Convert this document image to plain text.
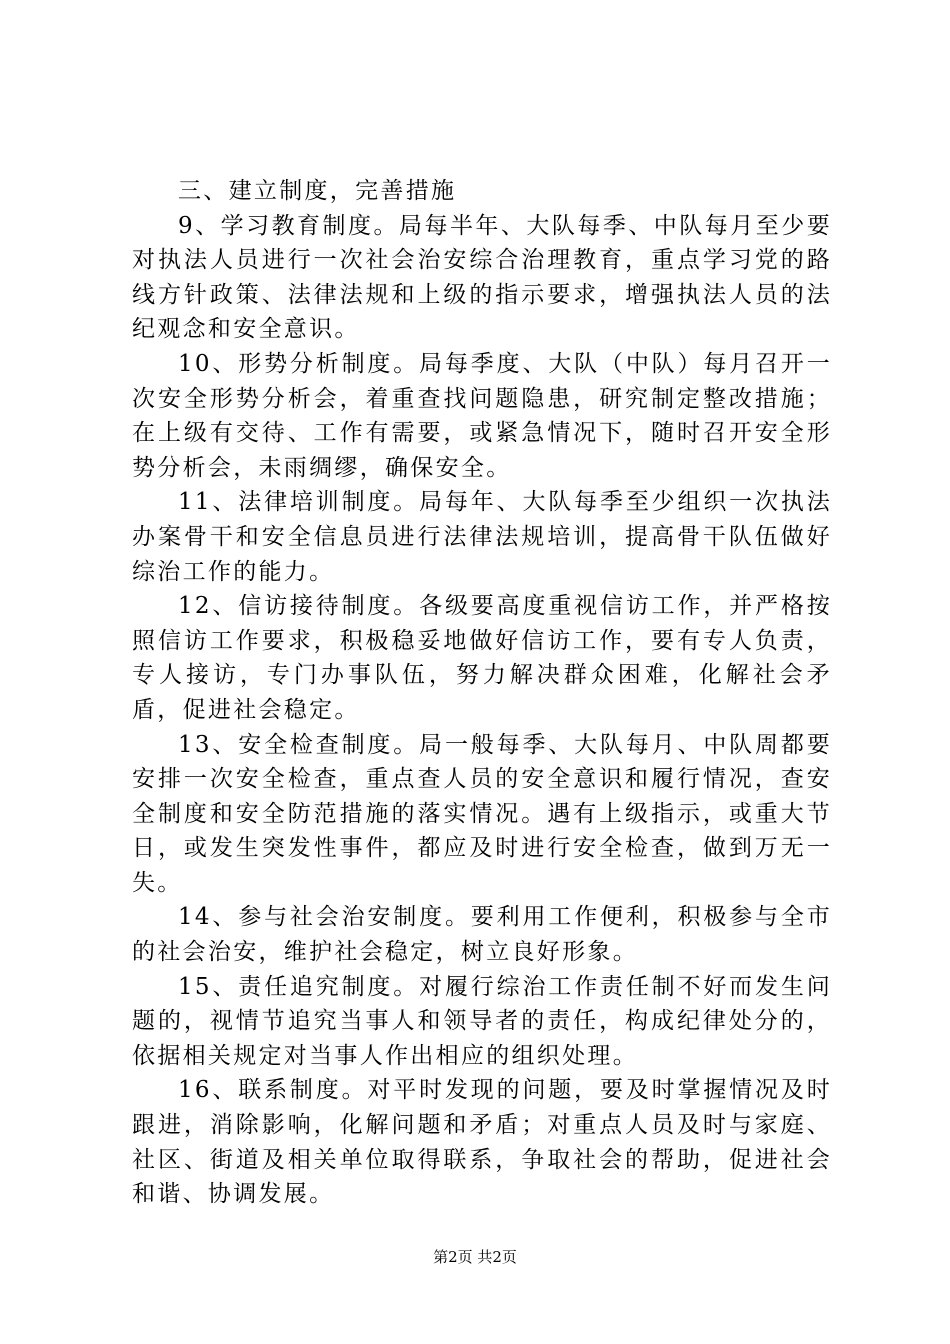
三、建立制度，完善措施

9、学习教育制度。局每半年、大队每季、中队每月至少要对执法人员进行一次社会治安综合治理教育，重点学习党的路线方针政策、法律法规和上级的指示要求，增强执法人员的法纪观念和安全意识。

10、形势分析制度。局每季度、大队（中队）每月召开一次安全形势分析会，着重查找问题隐患，研究制定整改措施；在上级有交待、工作有需要，或紧急情况下，随时召开安全形势分析会，未雨绸缪，确保安全。

11、法律培训制度。局每年、大队每季至少组织一次执法办案骨干和安全信息员进行法律法规培训，提高骨干队伍做好综治工作的能力。

12、信访接待制度。各级要高度重视信访工作，并严格按照信访工作要求，积极稳妥地做好信访工作，要有专人负责，专人接访，专门办事队伍，努力解决群众困难，化解社会矛盾，促进社会稳定。

13、安全检查制度。局一般每季、大队每月、中队周都要安排一次安全检查，重点查人员的安全意识和履行情况，查安全制度和安全防范措施的落实情况。遇有上级指示，或重大节日，或发生突发性事件，都应及时进行安全检查，做到万无一失。

14、参与社会治安制度。要利用工作便利，积极参与全市的社会治安，维护社会稳定，树立良好形象。

15、责任追究制度。对履行综治工作责任制不好而发生问题的，视情节追究当事人和领导者的责任，构成纪律处分的，依据相关规定对当事人作出相应的组织处理。

16、联系制度。对平时发现的问题，要及时掌握情况及时跟进，消除影响，化解问题和矛盾；对重点人员及时与家庭、社区、街道及相关单位取得联系，争取社会的帮助，促进社会和谐、协调发展。

第2页 共2页
